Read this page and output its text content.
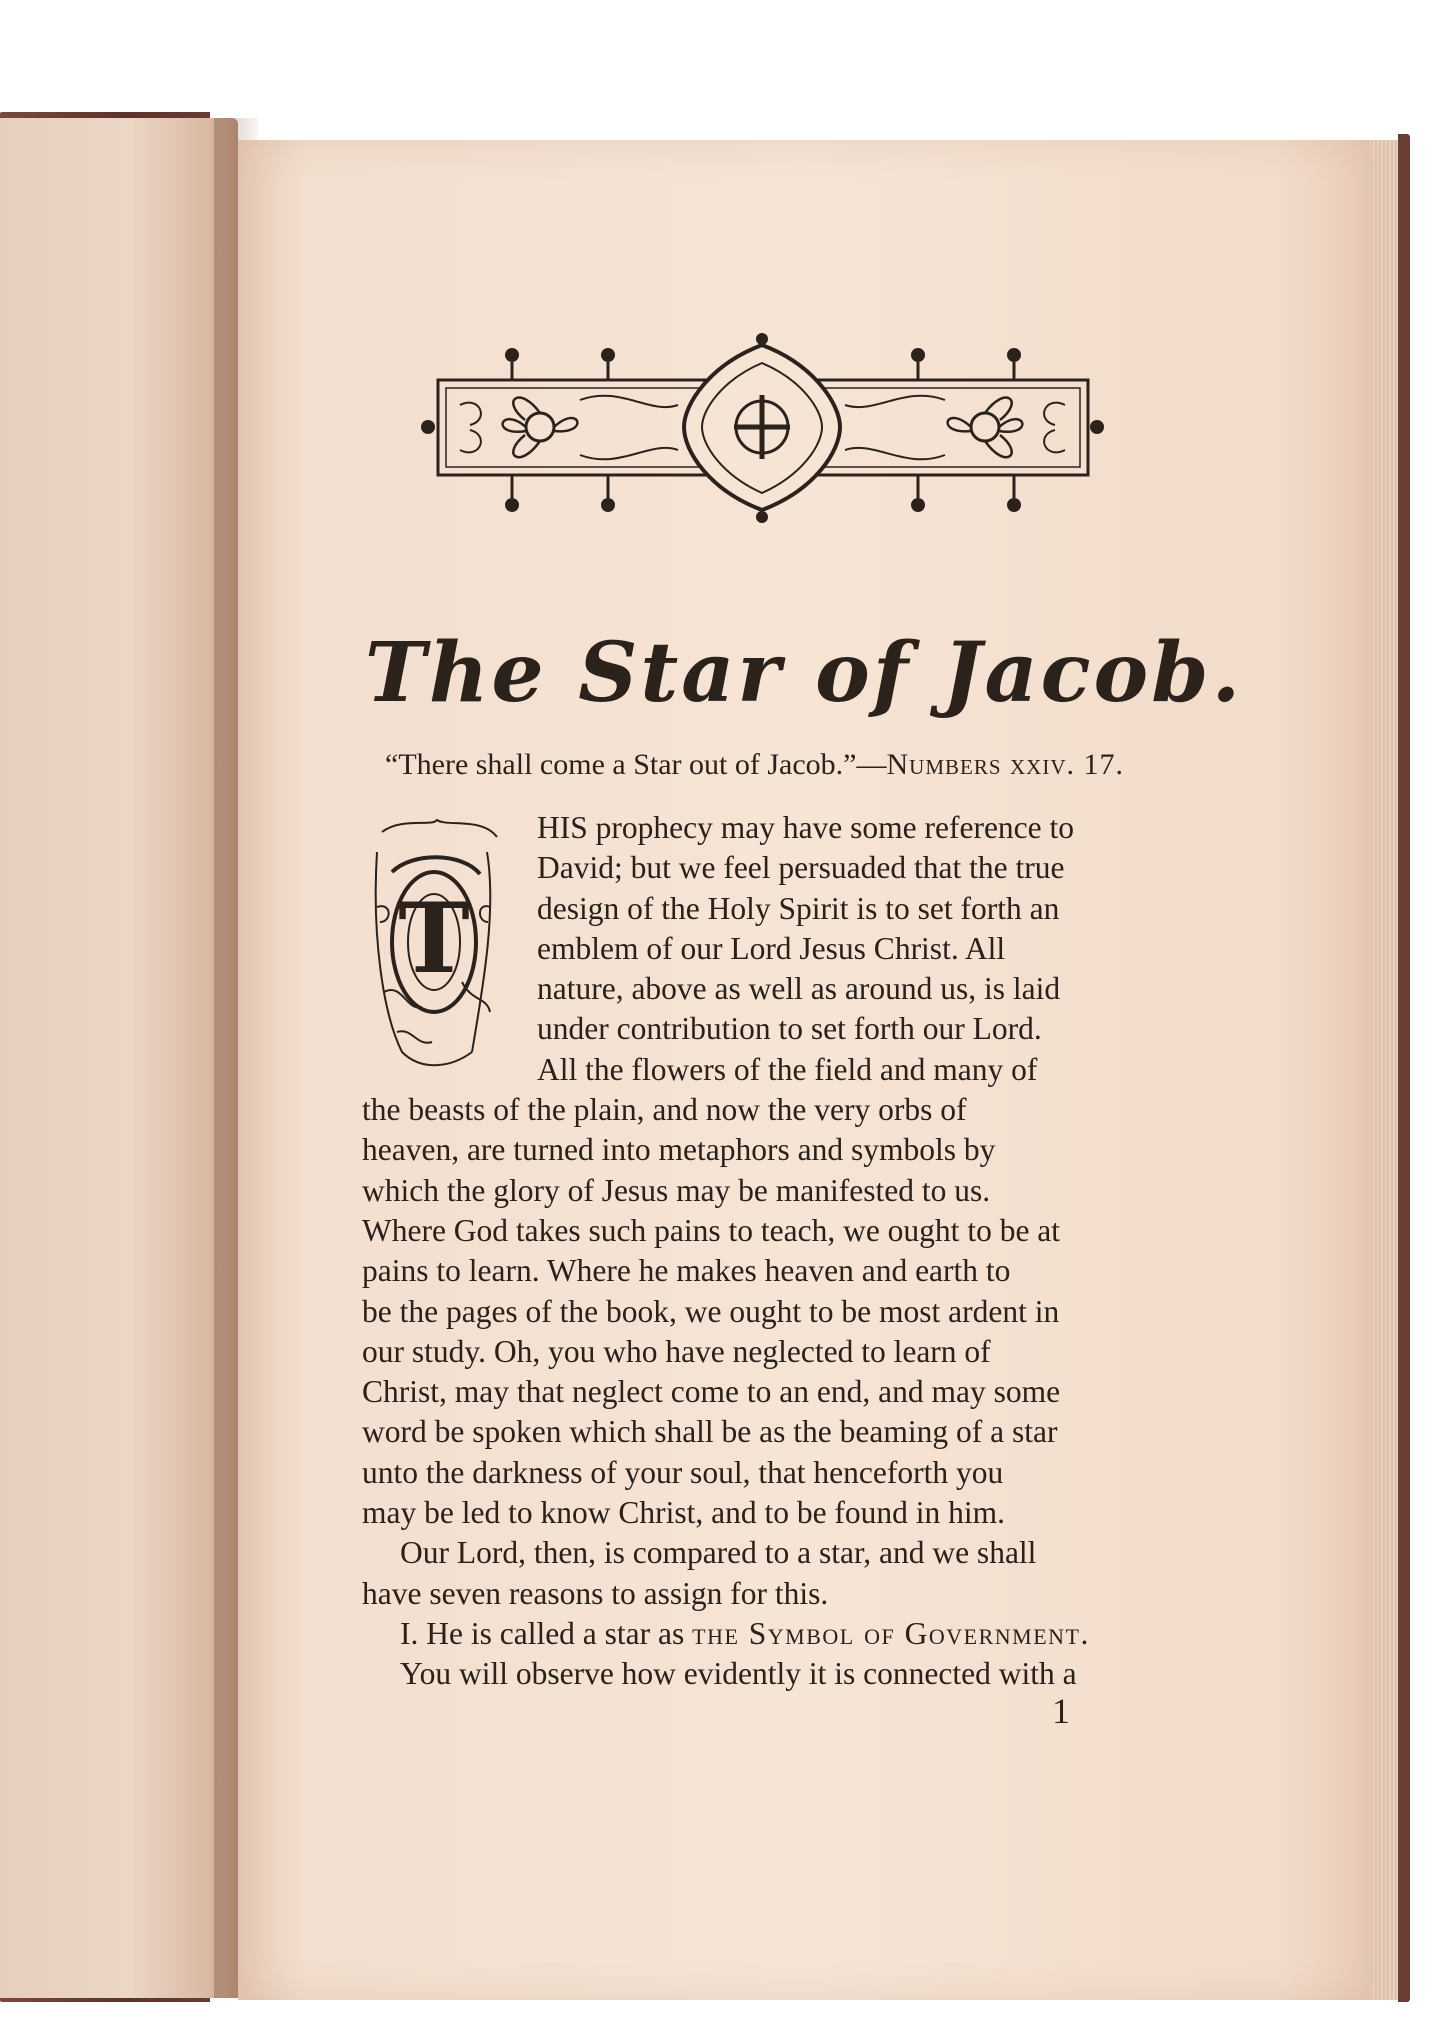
The Star of Jacob.
“There shall come a Star out of Jacob.”—Numbers xxiv. 17.
T
HIS prophecy may have some reference to
David; but we feel persuaded that the true
design of the Holy Spirit is to set forth an
emblem of our Lord Jesus Christ. All
nature, above as well as around us, is laid
under contribution to set forth our Lord.
All the flowers of the field and many of
the beasts of the plain, and now the very orbs of
heaven, are turned into metaphors and symbols by
which the glory of Jesus may be manifested to us.
Where God takes such pains to teach, we ought to be at
pains to learn. Where he makes heaven and earth to
be the pages of the book, we ought to be most ardent in
our study. Oh, you who have neglected to learn of
Christ, may that neglect come to an end, and may some
word be spoken which shall be as the beaming of a star
unto the darkness of your soul, that henceforth you
may be led to know Christ, and to be found in him.
Our Lord, then, is compared to a star, and we shall
have seven reasons to assign for this.
I. He is called a star as the Symbol of Government.
You will observe how evidently it is connected with a
1
